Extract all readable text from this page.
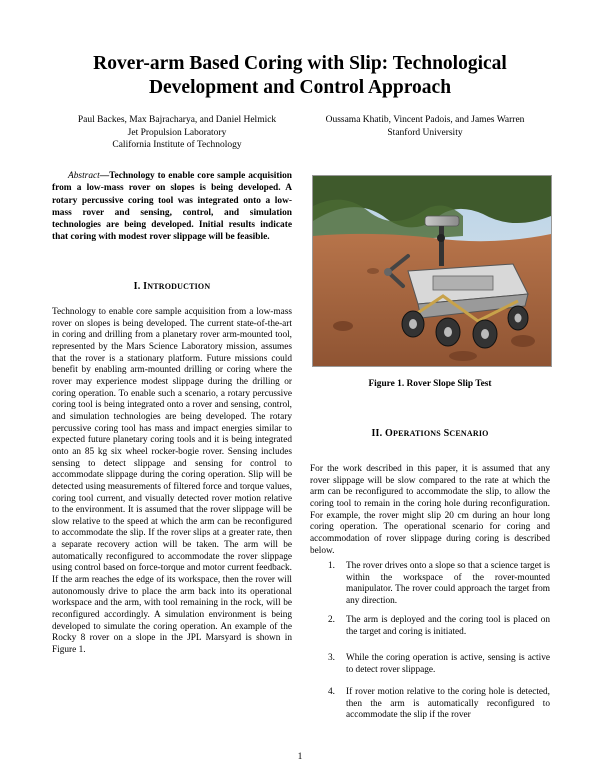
Rover-arm Based Coring with Slip: Technological
Development and Control Approach
Paul Backes, Max Bajracharya, and Daniel Helmick
Jet Propulsion Laboratory
California Institute of Technology
Oussama Khatib, Vincent Padois, and James Warren
Stanford University
Abstract—Technology to enable core sample acquisition from a low-mass rover on slopes is being developed. A rotary percussive coring tool was integrated onto a low-mass rover and sensing, control, and simulation technologies are being developed. Initial results indicate that coring with modest rover slippage will be feasible.
I. INTRODUCTION
Technology to enable core sample acquisition from a low-mass rover on slopes is being developed. The current state-of-the-art in coring and drilling from a planetary rover arm-mounted tool, represented by the Mars Science Laboratory mission, assumes that the rover is a stationary platform. Future missions could benefit by enabling arm-mounted drilling or coring where the rover may experience modest slippage during the drilling or coring operation. To enable such a scenario, a rotary percussive coring tool is being integrated onto a rover and sensing, control, and simulation technologies are being developed. The rotary percussive coring tool has mass and impact energies similar to expected future planetary coring tools and it is being integrated onto an 85 kg six wheel rocker-bogie rover. Sensing includes sensing to detect slippage and sensing for control to accommodate slippage during the coring operation. Slip will be detected using measurements of filtered force and torque values, coring tool current, and visually detected rover motion relative to the environment. It is assumed that the rover slippage will be slow relative to the speed at which the arm can be reconfigured to accommodate the slip. If the rover slips at a greater rate, then a separate recovery action will be taken. The arm will be automatically reconfigured to accommodate the rover slippage using control based on force-torque and motor current feedback. If the arm reaches the edge of its workspace, then the rover will autonomously drive to place the arm back into its operational workspace and the arm, with tool remaining in the rock, will be reconfigured accordingly. A simulation environment is being developed to simulate the coring operation. An example of the Rocky 8 rover on a slope in the JPL Marsyard is shown in Figure 1.
Figure 1. Rover Slope Slip Test
II. OPERATIONS SCENARIO
For the work described in this paper, it is assumed that any rover slippage will be slow compared to the rate at which the arm can be reconfigured to accommodate the slip, to allow the coring tool to remain in the coring hole during reconfiguration. For example, the rover might slip 20 cm during an hour long coring operation. The operational scenario for coring and accommodation of rover slippage during coring is described below.
1. The rover drives onto a slope so that a science target is within the workspace of the rover-mounted manipulator. The rover could approach the target from any direction.
2. The arm is deployed and the coring tool is placed on the target and coring is initiated.
3. While the coring operation is active, sensing is active to detect rover slippage.
4. If rover motion relative to the coring hole is detected, then the arm is automatically reconfigured to accommodate the slip if the rover
1
